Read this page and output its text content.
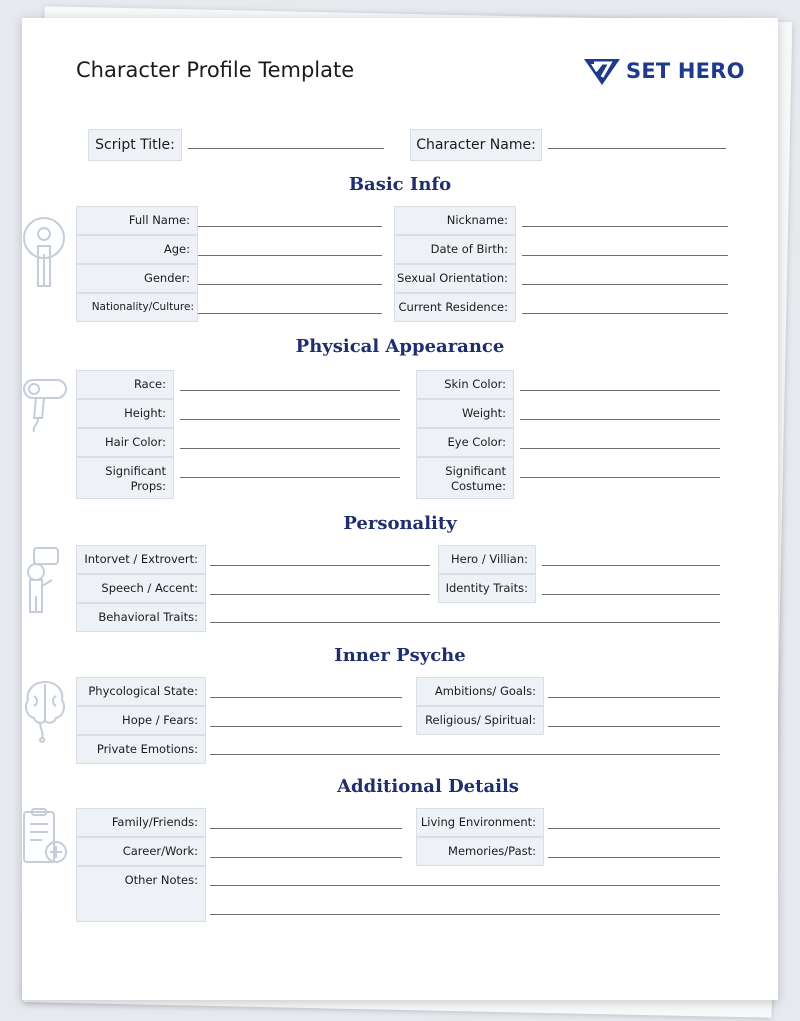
Character Profile Template	SET HERO
Script Title:	Character Name:
Basic Info
Full Name:
Age:
Gender:
Nationality/Culture:
Nickname:
Date of Birth:
Sexual Orientation:
Current Residence:
Physical Appearance
Race:
Height:
Hair Color:
Significant Props:
Skin Color:
Weight:
Eye Color:
Significant Costume:
Personality
Intorvet / Extrovert:
Speech / Accent:
Behavioral Traits:
Hero / Villian:
Identity Traits:
Inner Psyche
Phycological State:
Hope / Fears:
Private Emotions:
Ambitions/ Goals:
Religious/ Spiritual:
Additional Details
Family/Friends:
Career/Work:
Other Notes:
Living Environment:
Memories/Past:
